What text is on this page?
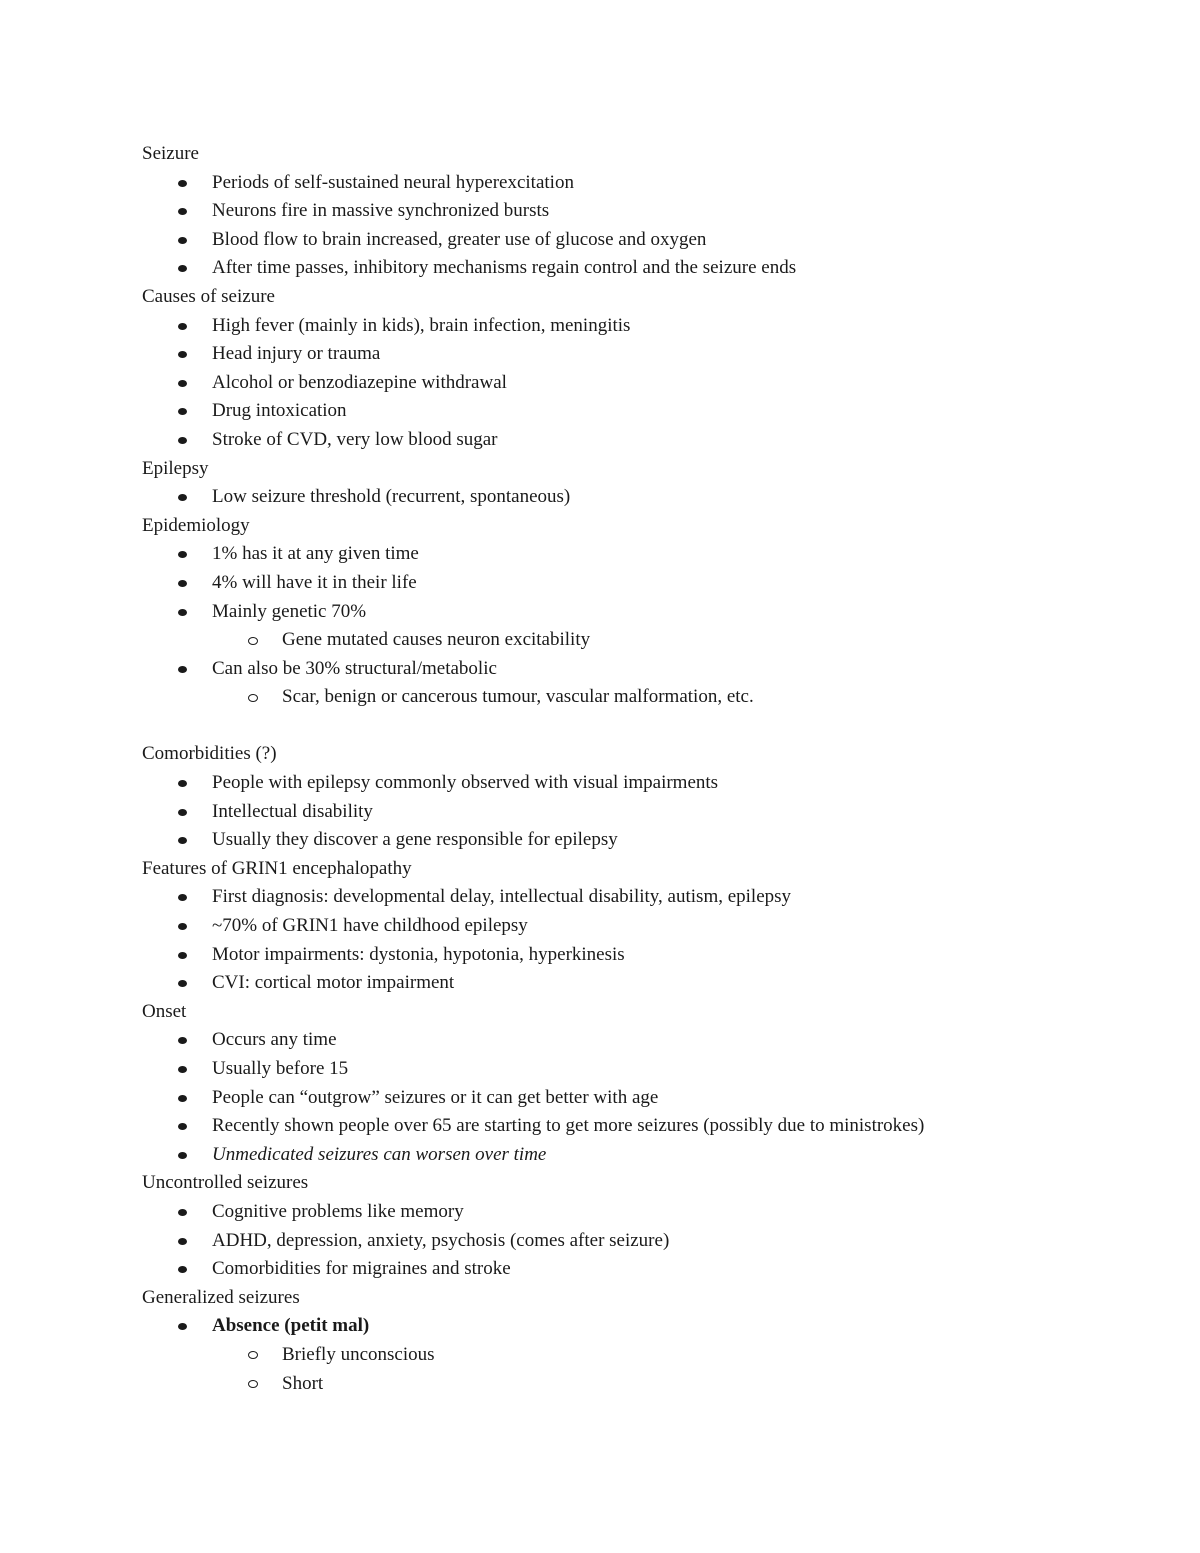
Seizure
Periods of self-sustained neural hyperexcitation
Neurons fire in massive synchronized bursts
Blood flow to brain increased, greater use of glucose and oxygen
After time passes, inhibitory mechanisms regain control and the seizure ends
Causes of seizure
High fever (mainly in kids), brain infection, meningitis
Head injury or trauma
Alcohol or benzodiazepine withdrawal
Drug intoxication
Stroke of CVD, very low blood sugar
Epilepsy
Low seizure threshold (recurrent, spontaneous)
Epidemiology
1% has it at any given time
4% will have it in their life
Mainly genetic 70%
Gene mutated causes neuron excitability
Can also be 30% structural/metabolic
Scar, benign or cancerous tumour, vascular malformation, etc.
Comorbidities (?)
People with epilepsy commonly observed with visual impairments
Intellectual disability
Usually they discover a gene responsible for epilepsy
Features of GRIN1 encephalopathy
First diagnosis: developmental delay, intellectual disability, autism, epilepsy
~70% of GRIN1 have childhood epilepsy
Motor impairments: dystonia, hypotonia, hyperkinesis
CVI: cortical motor impairment
Onset
Occurs any time
Usually before 15
People can “outgrow” seizures or it can get better with age
Recently shown people over 65 are starting to get more seizures (possibly due to ministrokes)
Unmedicated seizures can worsen over time
Uncontrolled seizures
Cognitive problems like memory
ADHD, depression, anxiety, psychosis (comes after seizure)
Comorbidities for migraines and stroke
Generalized seizures
Absence (petit mal)
Briefly unconscious
Short
